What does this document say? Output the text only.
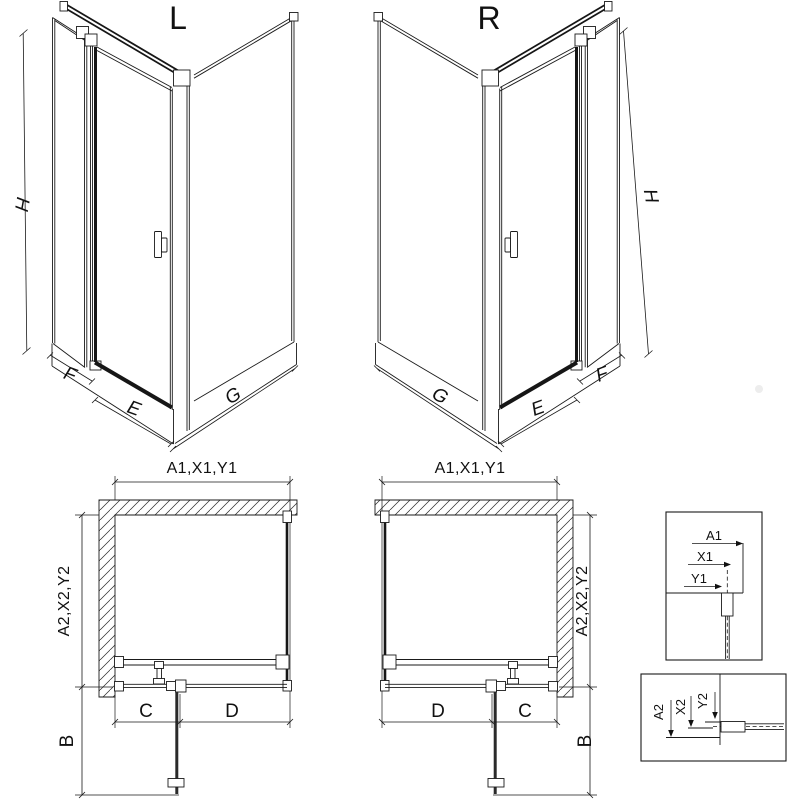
L	R
H
F
E	G
H
F
E
G
A1,X1,Y1	A1,X1,Y1
A2,X2,Y2	A2,X2,Y2
B	B
C	D	D	C
A1
X1
Y1
A2 X2 Y2
